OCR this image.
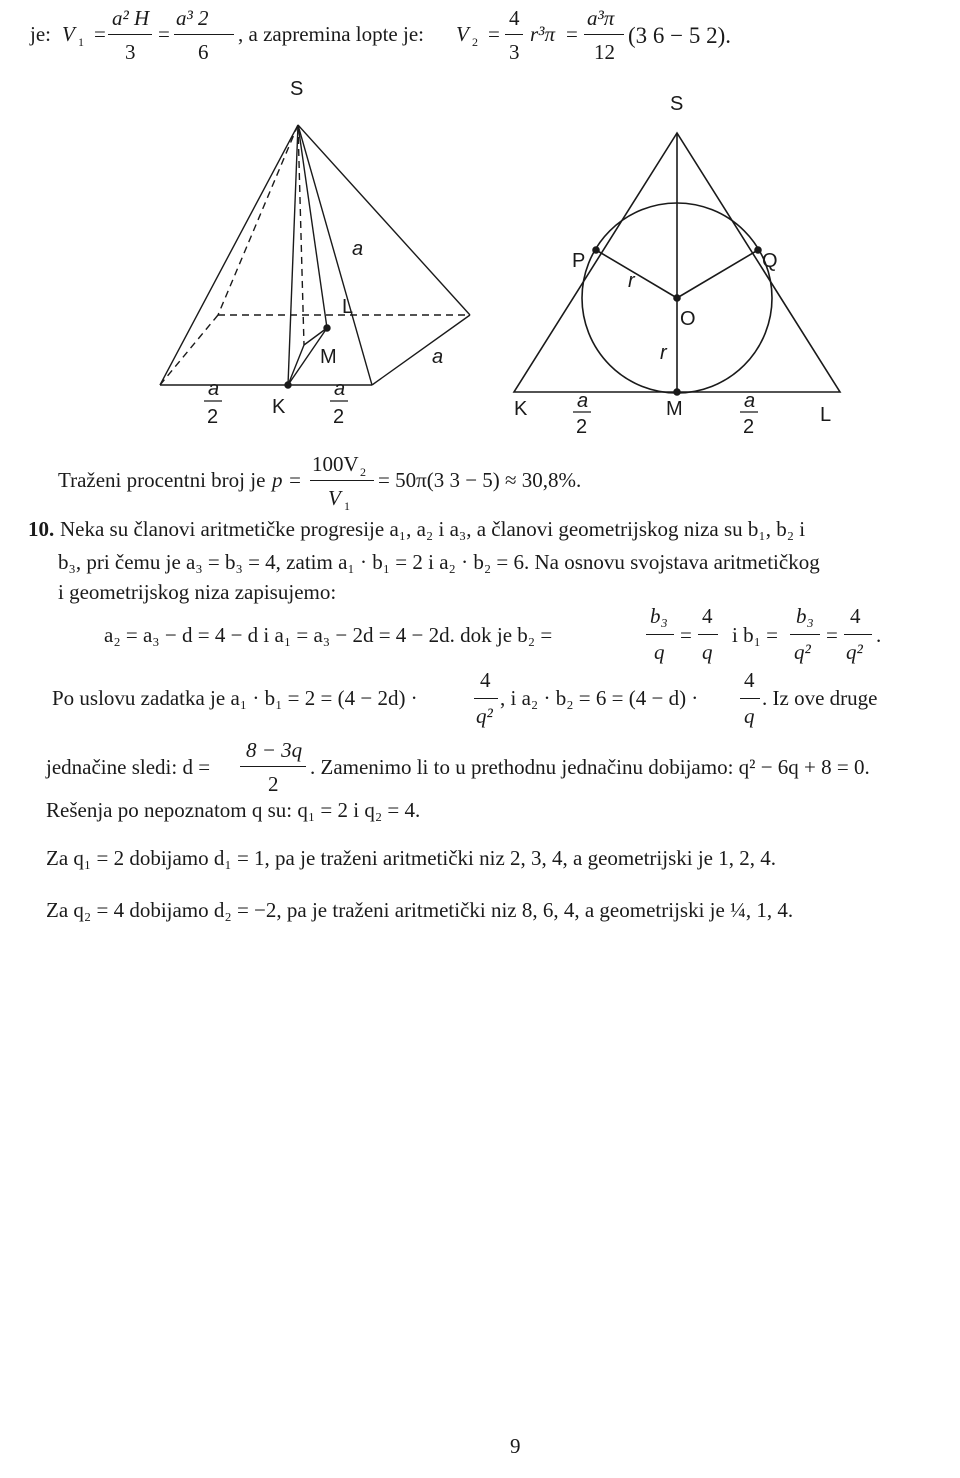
je: V 1 =
a² H
3
=
a³ 2
6
, a zapremina lopte je: V 2 =
4
3
r³π =
a³π
12
(3 6 − 5 2).
S
a
L
M	a
K
a
2
a
2
S
P	Q
r
O
r
K	M	L
a
2
a
2
Traženi procentni broj je p =
100V 2
V 1
= 50π(3 3 − 5) ≈ 30,8%.
10. Neka su članovi aritmetičke progresije a₁, a₂ i a₃, a članovi geometrijskog niza su b₁, b₂ i
b₃, pri čemu je a₃ = b₃ = 4, zatim a₁ · b₁ = 2 i a₂ · b₂ = 6. Na osnovu svojstava aritmetičkog
i geometrijskog niza zapisujemo:
a₂ = a₃ − d = 4 − d i a₁ = a₃ − 2d = 4 − 2d. dok je b₂ =
b₃
q
=
4
q
i b₁ =
b₃
q²
=
4
q²
.
Po uslovu zadatka je a₁ · b₁ = 2 = (4 − 2d) ·
4
q²
, i a₂ · b₂ = 6 = (4 − d) ·
4
q
. Iz ove druge
jednačine sledi: d =
8 − 3q
2
. Zamenimo li to u prethodnu jednačinu dobijamo: q² − 6q + 8 = 0.
Rešenja po nepoznatom q su: q₁ = 2 i q₂ = 4.
Za q₁ = 2 dobijamo d₁ = 1, pa je traženi aritmetički niz 2, 3, 4, a geometrijski je 1, 2, 4.
Za q₂ = 4 dobijamo d₂ = −2, pa je traženi aritmetički niz 8, 6, 4, a geometrijski je ¼, 1, 4.
9
